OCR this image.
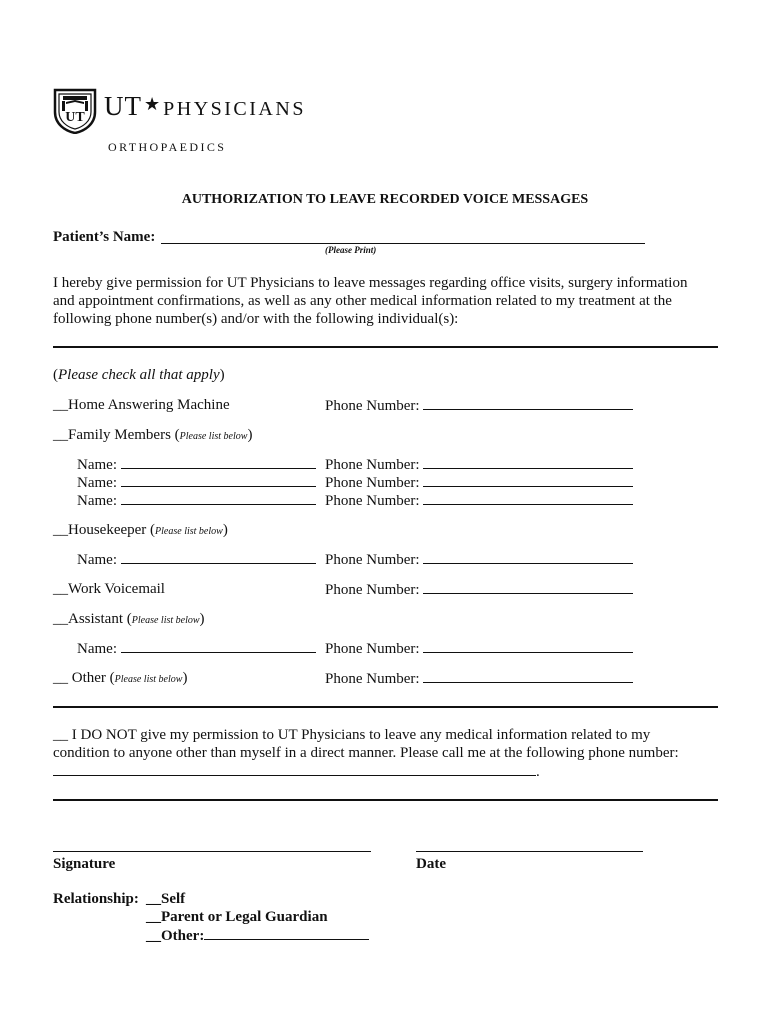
UT UT ★ PHYSICIANS
ORTHOPAEDICS
AUTHORIZATION TO LEAVE RECORDED VOICE MESSAGES
Patient’s Name:
(Please Print)
I hereby give permission for UT Physicians to leave messages regarding office visits, surgery information
and appointment confirmations, as well as any other medical information related to my treatment at the
following phone number(s) and/or with the following individual(s):
(Please check all that apply)
__Home Answering Machine	Phone Number:
__Family Members (Please list below)
Name:	Phone Number:
Name:	Phone Number:
Name:	Phone Number:
__Housekeeper (Please list below)
Name:	Phone Number:
__Work Voicemail	Phone Number:
__Assistant (Please list below)
Name:	Phone Number:
__ Other (Please list below)	Phone Number:
__ I DO NOT give my permission to UT Physicians to leave any medical information related to my
condition to anyone other than myself in a direct manner. Please call me at the following phone number:
.
Signature	Date
Relationship: __Self
__Parent or Legal Guardian
__Other:
